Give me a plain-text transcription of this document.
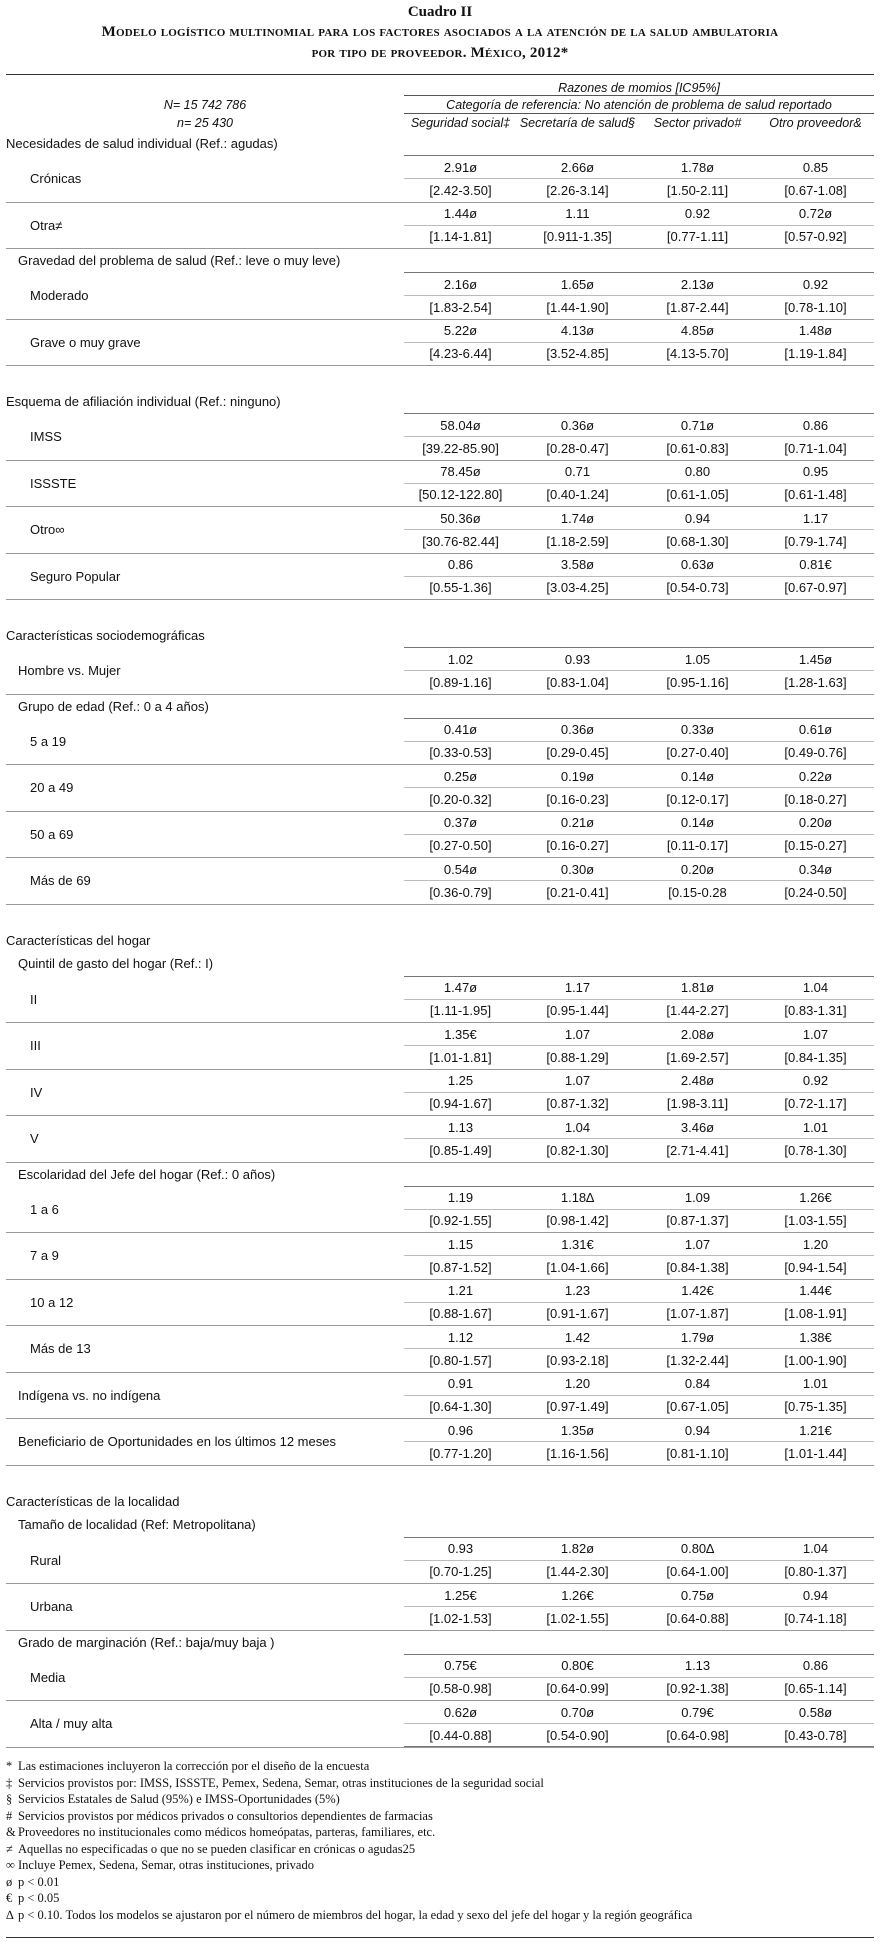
Cuadro II
Modelo logístico multinomial para los factores asociados a la atención de la salud ambulatoria
por tipo de proveedor. México, 2012*
	Razones de momios [IC95%]			
N= 15 742 786	Categoría de referencia: No atención de problema de salud reportado			
n= 25 430	Seguridad social‡	Secretaría de salud§	Sector privado#	Otro proveedor&
Necesidades de salud individual (Ref.: agudas)				
Crónicas	2.91ø	2.66ø	1.78ø	0.85
	[2.42-3.50]	[2.26-3.14]	[1.50-2.11]	[0.67-1.08]

Otra≠	1.44ø	1.11	0.92	0.72ø
	[1.14-1.81]	[0.911-1.35]	[0.77-1.11]	[0.57-0.92]

Gravedad del problema de salud (Ref.: leve o muy leve)				
Moderado	2.16ø	1.65ø	2.13ø	0.92
	[1.83-2.54]	[1.44-1.90]	[1.87-2.44]	[0.78-1.10]

Grave o muy grave	5.22ø	4.13ø	4.85ø	1.48ø
	[4.23-6.44]	[3.52-4.85]	[4.13-5.70]	[1.19-1.84]

Esquema de afiliación individual (Ref.: ninguno)				
IMSS	58.04ø	0.36ø	0.71ø	0.86
	[39.22-85.90]	[0.28-0.47]	[0.61-0.83]	[0.71-1.04]

ISSSTE	78.45ø	0.71	0.80	0.95
	[50.12-122.80]	[0.40-1.24]	[0.61-1.05]	[0.61-1.48]

Otro∞	50.36ø	1.74ø	0.94	1.17
	[30.76-82.44]	[1.18-2.59]	[0.68-1.30]	[0.79-1.74]

Seguro Popular	0.86	3.58ø	0.63ø	0.81€
	[0.55-1.36]	[3.03-4.25]	[0.54-0.73]	[0.67-0.97]

Características sociodemográficas				
Hombre vs. Mujer	1.02	0.93	1.05	1.45ø
	[0.89-1.16]	[0.83-1.04]	[0.95-1.16]	[1.28-1.63]

Grupo de edad (Ref.: 0 a 4 años)				
5 a 19	0.41ø	0.36ø	0.33ø	0.61ø
	[0.33-0.53]	[0.29-0.45]	[0.27-0.40]	[0.49-0.76]

20 a 49	0.25ø	0.19ø	0.14ø	0.22ø
	[0.20-0.32]	[0.16-0.23]	[0.12-0.17]	[0.18-0.27]

50 a 69	0.37ø	0.21ø	0.14ø	0.20ø
	[0.27-0.50]	[0.16-0.27]	[0.11-0.17]	[0.15-0.27]

Más de 69	0.54ø	0.30ø	0.20ø	0.34ø
	[0.36-0.79]	[0.21-0.41]	[0.15-0.28	[0.24-0.50]

Características del hogar				
Quintil de gasto del hogar (Ref.: I)				
II	1.47ø	1.17	1.81ø	1.04
	[1.11-1.95]	[0.95-1.44]	[1.44-2.27]	[0.83-1.31]

III	1.35€	1.07	2.08ø	1.07
	[1.01-1.81]	[0.88-1.29]	[1.69-2.57]	[0.84-1.35]

IV	1.25	1.07	2.48ø	0.92
	[0.94-1.67]	[0.87-1.32]	[1.98-3.11]	[0.72-1.17]

V	1.13	1.04	3.46ø	1.01
	[0.85-1.49]	[0.82-1.30]	[2.71-4.41]	[0.78-1.30]

Escolaridad del Jefe del hogar (Ref.: 0 años)				
1 a 6	1.19	1.18∆	1.09	1.26€
	[0.92-1.55]	[0.98-1.42]	[0.87-1.37]	[1.03-1.55]

7 a 9	1.15	1.31€	1.07	1.20
	[0.87-1.52]	[1.04-1.66]	[0.84-1.38]	[0.94-1.54]

10 a 12	1.21	1.23	1.42€	1.44€
	[0.88-1.67]	[0.91-1.67]	[1.07-1.87]	[1.08-1.91]

Más de 13	1.12	1.42	1.79ø	1.38€
	[0.80-1.57]	[0.93-2.18]	[1.32-2.44]	[1.00-1.90]

Indígena vs. no indígena	0.91	1.20	0.84	1.01
	[0.64-1.30]	[0.97-1.49]	[0.67-1.05]	[0.75-1.35]

Beneficiario de Oportunidades en los últimos 12 meses	0.96	1.35ø	0.94	1.21€
	[0.77-1.20]	[1.16-1.56]	[0.81-1.10]	[1.01-1.44]

Características de la localidad				
Tamaño de localidad (Ref: Metropolitana)				
Rural	0.93	1.82ø	0.80∆	1.04
	[0.70-1.25]	[1.44-2.30]	[0.64-1.00]	[0.80-1.37]

Urbana	1.25€	1.26€	0.75ø	0.94
	[1.02-1.53]	[1.02-1.55]	[0.64-0.88]	[0.74-1.18]

Grado de marginación (Ref.: baja/muy baja )				
Media	0.75€	0.80€	1.13	0.86
	[0.58-0.98]	[0.64-0.99]	[0.92-1.38]	[0.65-1.14]

Alta / muy alta	0.62ø	0.70ø	0.79€	0.58ø
	[0.44-0.88]	[0.54-0.90]	[0.64-0.98]	[0.43-0.78]

* Las estimaciones incluyeron la corrección por el diseño de la encuesta
‡ Servicios provistos por: IMSS, ISSSTE, Pemex, Sedena, Semar, otras instituciones de la seguridad social
§ Servicios Estatales de Salud (95%) e IMSS-Oportunidades (5%)
# Servicios provistos por médicos privados o consultorios dependientes de farmacias
& Proveedores no institucionales como médicos homeópatas, parteras, familiares, etc.
≠ Aquellas no especificadas o que no se pueden clasificar en crónicas o agudas25
∞ Incluye Pemex, Sedena, Semar, otras instituciones, privado
ø p < 0.01
€ p < 0.05
∆ p < 0.10. Todos los modelos se ajustaron por el número de miembros del hogar, la edad y sexo del jefe del hogar y la región geográfica
